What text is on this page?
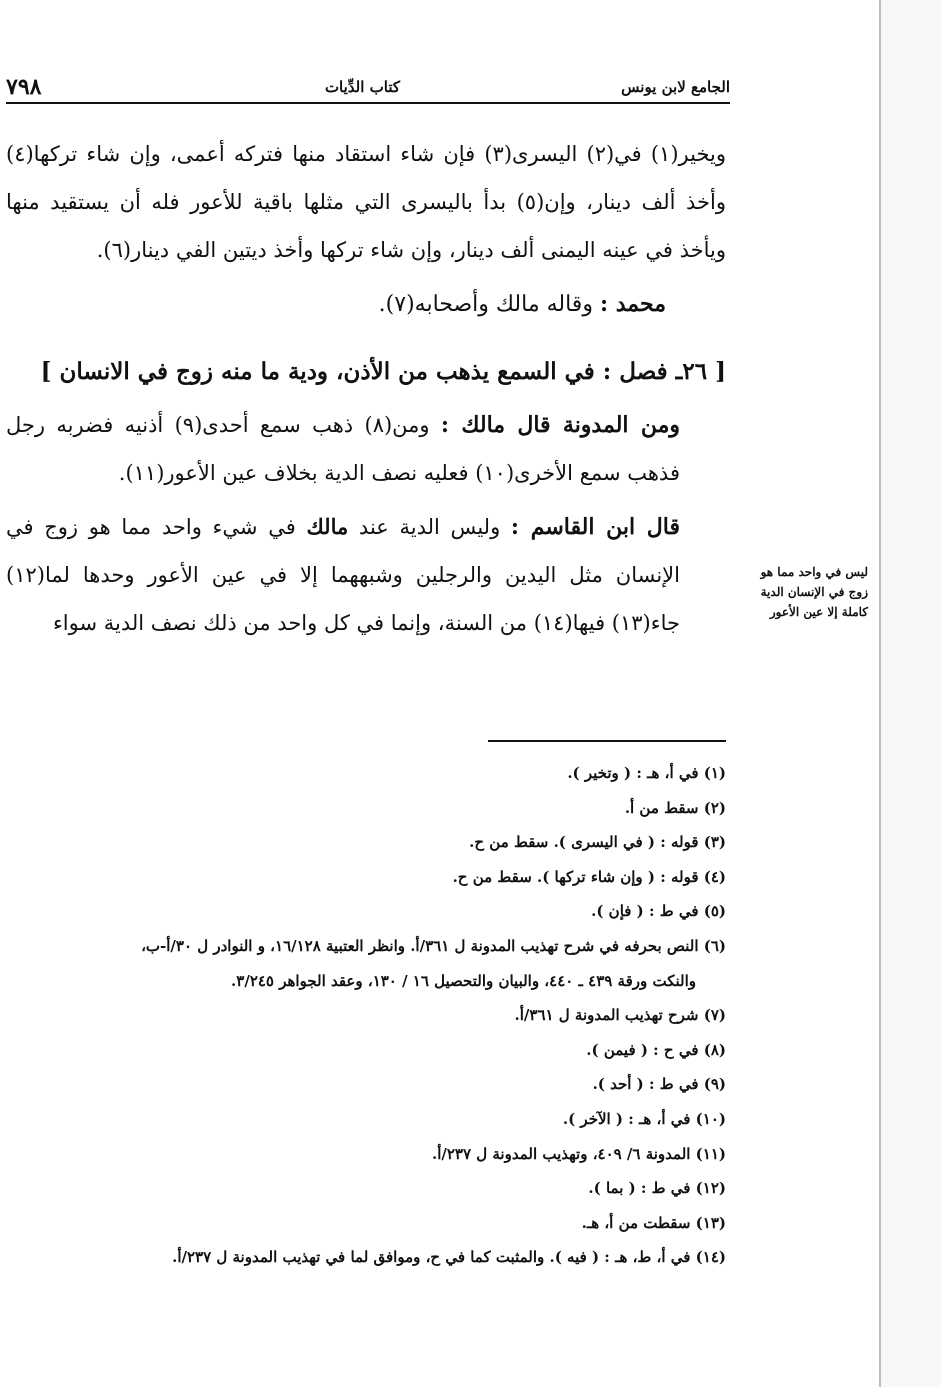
الجامع لابن يونس
كتاب الدِّيات
٧٩٨

ويخير(١) في(٢) اليسرى(٣) فإن شاء استقاد منها فتركه أعمى، وإن شاء تركها(٤) وأخذ ألف دينار، وإن(٥) بدأ باليسرى التي مثلها باقية للأعور فله أن يستقيد منها ويأخذ في عينه اليمنى ألف دينار، وإن شاء تركها وأخذ ديتين الفي دينار(٦).

محمد : وقاله مالك وأصحابه(٧).

[ ٢٦ـ فصل : في السمع يذهب من الأذن، ودية ما منه زوج في الانسان ]

ومن المدونة قال مالك : ومن(٨) ذهب سمع أحدى(٩) أذنيه فضربه رجل فذهب سمع الأخرى(١٠) فعليه نصف الدية بخلاف عين الأعور(١١).

قال ابن القاسم : وليس الدية عند مالك في شيء واحد مما هو زوج في الإنسان مثل اليدين والرجلين وشبههما إلا في عين الأعور وحدها لما(١٢) جاء(١٣) فيها(١٤) من السنة، وإنما في كل واحد من ذلك نصف الدية سواء

ليس في واحد مما هو زوج في الإنسان الدية كاملة إلا عين الأعور
(١) في أ، هـ : ( وتخير ).
(٢) سقط من أ.
(٣) قوله : ( في اليسرى ). سقط من ح.
(٤) قوله : ( وإن شاء تركها ). سقط من ح.
(٥) في ط : ( فإن ).
(٦) النص بحرفه في شرح تهذيب المدونة ل ٣٦١/أ. وانظر العتبية ١٦/١٢٨، و النوادر ل ٣٠/أ-ب،
والنكت ورقة ٤٣٩ ـ ٤٤٠، والبيان والتحصيل ١٦ / ١٣٠، وعقد الجواهر ٣/٢٤٥.
(٧) شرح تهذيب المدونة ل ٣٦١/أ.
(٨) في ح : ( فيمن ).
(٩) في ط : ( أحد ).
(١٠) في أ، هـ : ( الآخر ).
(١١) المدونة ٦/ ٤٠٩، وتهذيب المدونة ل ٢٣٧/أ.
(١٢) في ط : ( بما ).
(١٣) سقطت من أ، هـ.
(١٤) في أ، ط، هـ : ( فيه ). والمثبت كما في ح، وموافق لما في تهذيب المدونة ل ٢٣٧/أ.
